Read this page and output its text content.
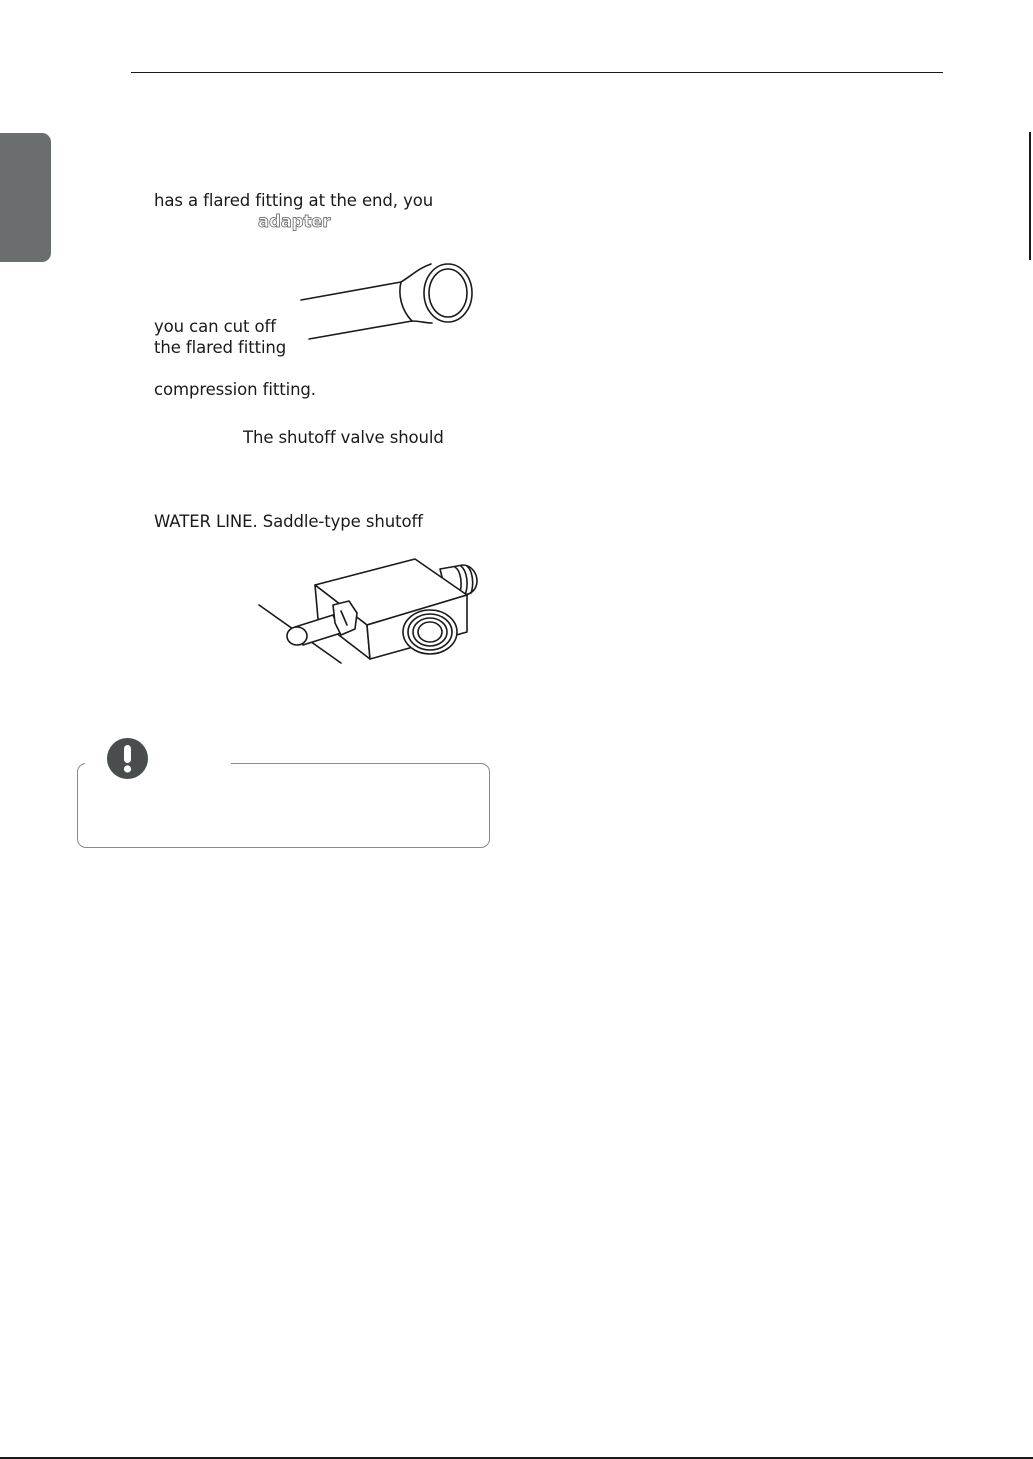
has a flared fitting at the end, you
adapter
you can cut off
the flared fitting
compression fitting.
The shutoff valve should
WATER LINE. Saddle-type shutoff
